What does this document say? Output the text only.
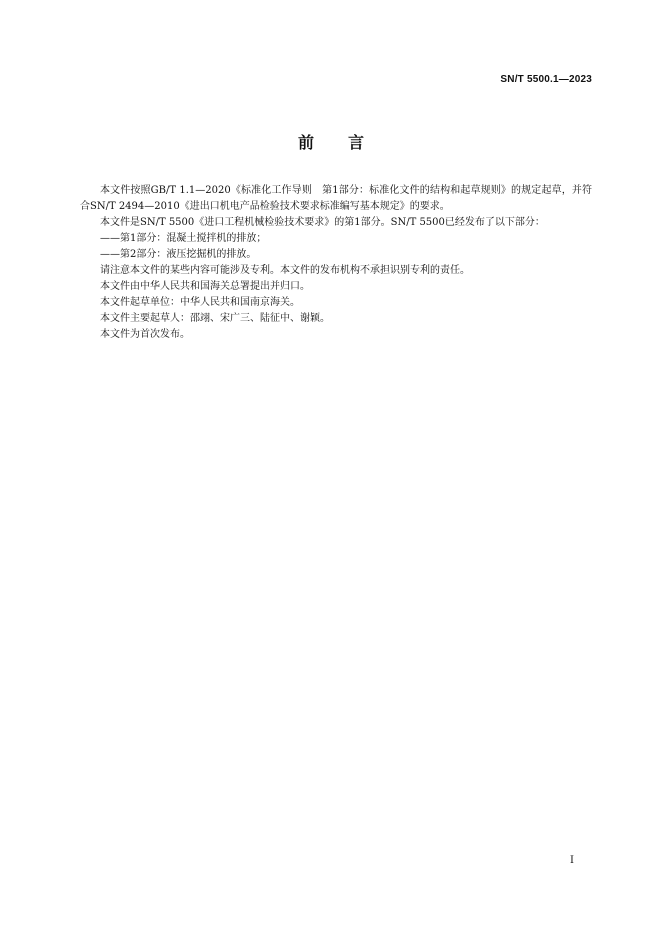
SN/T 5500.1—2023
前言

本文件按照GB/T 1.1—2020《标准化工作导则　第1部分：标准化文件的结构和起草规则》的规定起草，并符合SN/T 2494—2010《进出口机电产品检验技术要求标准编写基本规定》的要求。

本文件是SN/T 5500《进口工程机械检验技术要求》的第1部分。SN/T 5500已经发布了以下部分：

——第1部分：混凝土搅拌机的排放；

——第2部分：液压挖掘机的排放。

请注意本文件的某些内容可能涉及专利。本文件的发布机构不承担识别专利的责任。

本文件由中华人民共和国海关总署提出并归口。

本文件起草单位：中华人民共和国南京海关。

本文件主要起草人：邵翊、宋广三、陆征中、谢颖。

本文件为首次发布。

I
